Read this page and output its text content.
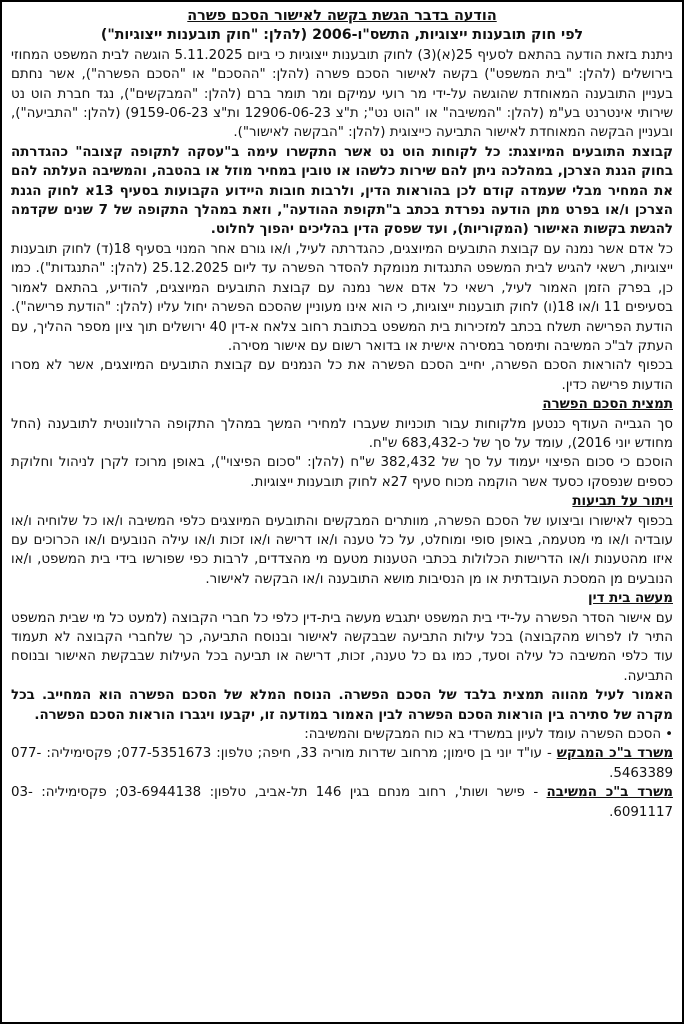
הודעה בדבר הגשת בקשה לאישור הסכם פשרה

לפי חוק תובענות ייצוגיות, התשס"ו-2006 (להלן: "חוק תובענות ייצוגיות")

ניתנת בזאת הודעה בהתאם לסעיף 25(א)(3) לחוק תובענות ייצוגיות כי ביום 5.11.2025 הוגשה לבית המשפט המחוזי בירושלים (להלן: "בית המשפט") בקשה לאישור הסכם פשרה (להלן: "ההסכם" או "הסכם הפשרה"), אשר נחתם בעניין התובענה המאוחדת שהוגשה על-ידי מר רועי עמיקם ומר תומר ברם (להלן: "המבקשים"), נגד חברת הוט נט שירותי אינטרנט בע"מ (להלן: "המשיבה" או "הוט נט"; ת"צ 12906-06-23 ות"צ 9159-06-23) (להלן: "התביעה"), ובעניין הבקשה המאוחדת לאישור התביעה כייצוגית (להלן: "הבקשה לאישור").

קבוצת התובעים המיוצגת: כל לקוחות הוט נט אשר התקשרו עימה ב"עסקה לתקופה קצובה" כהגדרתה בחוק הגנת הצרכן, במהלכה ניתן להם שירות כלשהו או טובין במחיר מוזל או בהטבה, והמשיבה העלתה להם את המחיר מבלי שעמדה קודם לכן בהוראות הדין, ולרבות חובות היידוע הקבועות בסעיף 13א לחוק הגנת הצרכן ו/או בפרט מתן הודעה נפרדת בכתב ב"תקופת ההודעה", וזאת במהלך התקופה של 7 שנים שקדמה להגשת בקשות האישור (המקוריות), ועד שפסק הדין בהליכים יהפוך לחלוט.

כל אדם אשר נמנה עם קבוצת התובעים המיוצגים, כהגדרתה לעיל, ו/או גורם אחר המנוי בסעיף 18(ד) לחוק תובענות ייצוגיות, רשאי להגיש לבית המשפט התנגדות מנומקת להסדר הפשרה עד ליום 25.12.2025 (להלן: "התנגדות"). כמו כן, בפרק הזמן האמור לעיל, רשאי כל אדם אשר נמנה עם קבוצת התובעים המיוצגים, להודיע, בהתאם לאמור בסעיפים 11 ו/או 18(ו) לחוק תובענות ייצוגיות, כי הוא אינו מעוניין שהסכם הפשרה יחול עליו (להלן: "הודעת פרישה"). הודעת הפרישה תשלח בכתב למזכירות בית המשפט בכתובת רחוב צלאח א-דין 40 ירושלים תוך ציון מספר ההליך, עם העתק לב"כ המשיבה ותימסר במסירה אישית או בדואר רשום עם אישור מסירה.

בכפוף להוראות הסכם הפשרה, יחייב הסכם הפשרה את כל הנמנים עם קבוצת התובעים המיוצגים, אשר לא מסרו הודעות פרישה כדין.

תמצית הסכם הפשרה

סך הגבייה העודף כנטען מלקוחות עבור תוכניות שעברו למחירי המשך במהלך התקופה הרלוונטית לתובענה (החל מחודש יוני 2016), עומד על סך של כ-683,432 ש"ח.

הוסכם כי סכום הפיצוי יעמוד על סך של 382,432 ש"ח (להלן: "סכום הפיצוי"), באופן מרוכז לקרן לניהול וחלוקת כספים שנפסקו כסעד אשר הוקמה מכוח סעיף 27א לחוק תובענות ייצוגיות.

ויתור על תביעות

בכפוף לאישורו וביצועו של הסכם הפשרה, מוותרים המבקשים והתובעים המיוצגים כלפי המשיבה ו/או כל שלוחיה ו/או עובדיה ו/או מי מטעמה, באופן סופי ומוחלט, על כל טענה ו/או דרישה ו/או זכות ו/או עילה הנובעים ו/או הכרוכים עם איזו מהטענות ו/או הדרישות הכלולות בכתבי הטענות מטעם מי מהצדדים, לרבות כפי שפורשו בידי בית המשפט, ו/או הנובעים מן המסכת העובדתית או מן הנסיבות מושא התובענה ו/או הבקשה לאישור.

מעשה בית דין

עם אישור הסדר הפשרה על-ידי בית המשפט יתגבש מעשה בית-דין כלפי כל חברי הקבוצה (למעט כל מי שבית המשפט התיר לו לפרוש מהקבוצה) בכל עילות התביעה שבבקשה לאישור ובנוסח התביעה, כך שלחברי הקבוצה לא תעמוד עוד כלפי המשיבה כל עילה וסעד, כמו גם כל טענה, זכות, דרישה או תביעה בכל העילות שבבקשת האישור ובנוסח התביעה.

האמור לעיל מהווה תמצית בלבד של הסכם הפשרה. הנוסח המלא של הסכם הפשרה הוא המחייב. בכל מקרה של סתירה בין הוראות הסכם הפשרה לבין האמור במודעה זו, יקבעו ויגברו הוראות הסכם הפשרה.

•הסכם הפשרה עומד לעיון במשרדי בא כוח המבקשים והמשיבה:

משרד ב"כ המבקש - עו"ד יוני בן סימון; מרחוב שדרות מוריה 33, חיפה; טלפון: 077-5351673; פקסימיליה: 077-5463389.

משרד ב"כ המשיבה - פישר ושות', רחוב מנחם בגין 146 תל-אביב, טלפון: 03-6944138; פקסימיליה: 03-6091117.
